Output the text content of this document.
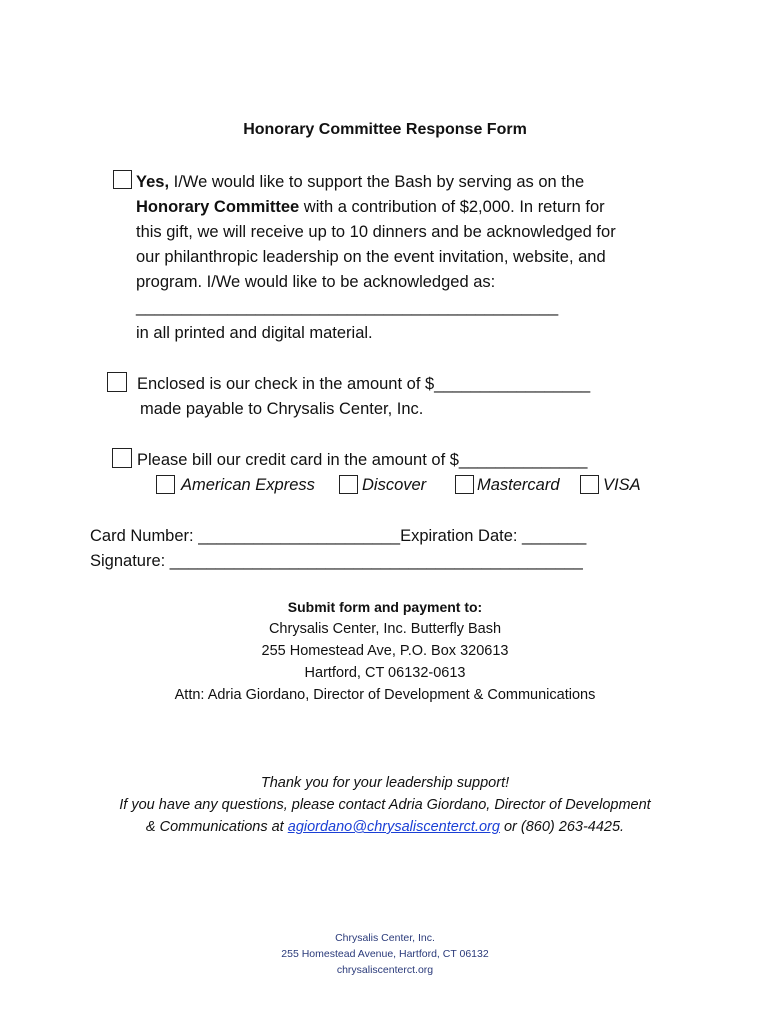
Honorary Committee Response Form
Yes, I/We would like to support the Bash by serving as on the
Honorary Committee with a contribution of $2,000. In return for
this gift, we will receive up to 10 dinners and be acknowledged for
our philanthropic leadership on the event invitation, website, and
program. I/We would like to be acknowledged as:
______________________________________________
in all printed and digital material.
Enclosed is our check in the amount of $_________________
made payable to Chrysalis Center, Inc.
Please bill our credit card in the amount of $______________
American Express	Discover	Mastercard	VISA
Card Number: ______________________Expiration Date: _______
Signature: _____________________________________________
Submit form and payment to:
Chrysalis Center, Inc. Butterfly Bash
255 Homestead Ave, P.O. Box 320613
Hartford, CT 06132-0613
Attn: Adria Giordano, Director of Development & Communications
Thank you for your leadership support!
If you have any questions, please contact Adria Giordano, Director of Development
& Communications at agiordano@chrysaliscenterct.org or (860) 263-4425.
Chrysalis Center, Inc.
255 Homestead Avenue, Hartford, CT 06132
chrysaliscenterct.org
